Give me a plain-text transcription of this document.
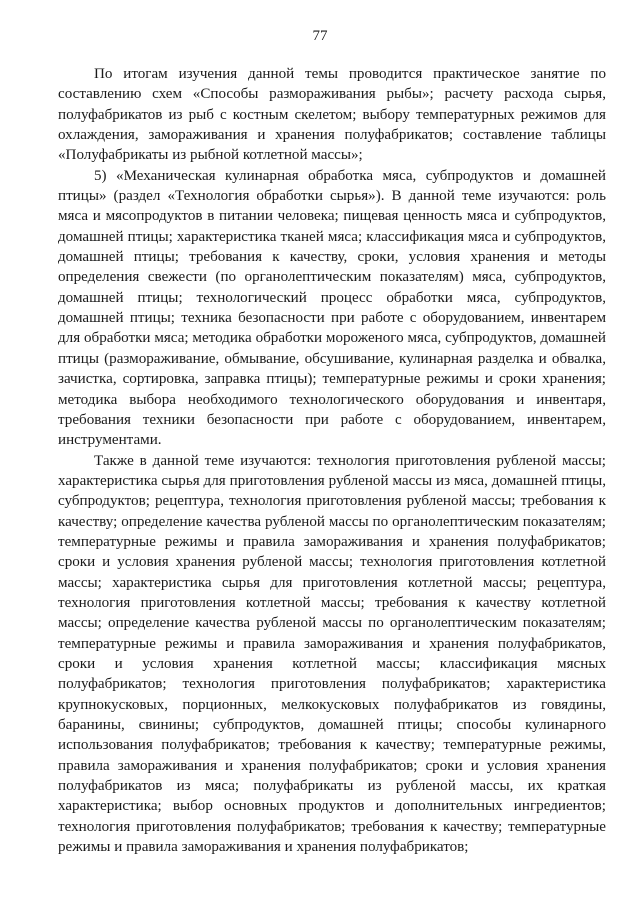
77

По итогам изучения данной темы проводится практическое занятие по составлению схем «Способы размораживания рыбы»; расчету расхода сырья, полуфабрикатов из рыб с костным скелетом; выбору температурных режимов для охлаждения, замораживания и хранения полуфабрикатов; составление таблицы «Полуфабрикаты из рыбной котлетной массы»;

5) «Механическая кулинарная обработка мяса, субпродуктов и домашней птицы» (раздел «Технология обработки сырья»). В данной теме изучаются: роль мяса и мясопродуктов в питании человека; пищевая ценность мяса и субпродуктов, домашней птицы; характеристика тканей мяса; классификация мяса и субпродуктов, домашней птицы; требования к качеству, сроки, условия хранения и методы определения свежести (по органолептическим показателям) мяса, субпродуктов, домашней птицы; технологический процесс обработки мяса, субпродуктов, домашней птицы; техника безопасности при работе с оборудованием, инвентарем для обработки мяса; методика обработки мороженого мяса, субпродуктов, домашней птицы (размораживание, обмывание, обсушивание, кулинарная разделка и обвалка, зачистка, сортировка, заправка птицы); температурные режимы и сроки хранения; методика выбора необходимого технологического оборудования и инвентаря, требования техники безопасности при работе с оборудованием, инвентарем, инструментами.

Также в данной теме изучаются: технология приготовления рубленой массы; характеристика сырья для приготовления рубленой массы из мяса, домашней птицы, субпродуктов; рецептура, технология приготовления рубленой массы; требования к качеству; определение качества рубленой массы по органолептическим показателям; температурные режимы и правила замораживания и хранения полуфабрикатов; сроки и условия хранения рубленой массы; технология приготовления котлетной массы; характеристика сырья для приготовления котлетной массы; рецептура, технология приготовления котлетной массы; требования к качеству котлетной массы; определение качества рубленой массы по органолептическим показателям; температурные режимы и правила замораживания и хранения полуфабрикатов, сроки и условия хранения котлетной массы; классификация мясных полуфабрикатов; технология приготовления полуфабрикатов; характеристика крупнокусковых, порционных, мелкокусковых полуфабрикатов из говядины, баранины, свинины; субпродуктов, домашней птицы; способы кулинарного использования полуфабрикатов; требования к качеству; температурные режимы, правила замораживания и хранения полуфабрикатов; сроки и условия хранения полуфабрикатов из мяса; полуфабрикаты из рубленой массы, их краткая характеристика; выбор основных продуктов и дополнительных ингредиентов; технология приготовления полуфабрикатов; требования к качеству; температурные режимы и правила замораживания и хранения полуфабрикатов;
